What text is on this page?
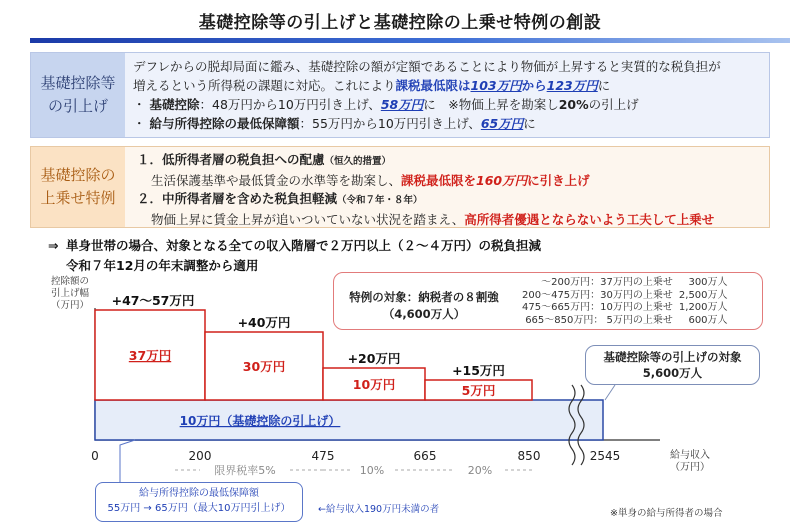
基礎控除等の引上げと基礎控除の上乗せ特例の創設
基礎控除等
の引上げ
デフレからの脱却局面に鑑み、基礎控除の額が定額であることにより物価が上昇すると実質的な税負担が
増えるという所得税の課題に対応。これにより課税最低限は103万円から123万円に
・ 基礎控除：48万円から10万円引き上げ、58万円に　※物価上昇を勘案し20%の引上げ
・ 給与所得控除の最低保障額：55万円から10万円引き上げ、65万円に
基礎控除の
上乗せ特例
１．低所得者層の税負担への配慮（恒久的措置）
生活保護基準や最低賃金の水準等を勘案し、課税最低限を160万円に引き上げ
２．中所得者層を含めた税負担軽減（令和７年・８年）
物価上昇に賃金上昇が追いついていない状況を踏まえ、高所得者優遇とならないよう工夫して上乗せ
⇒ 単身世帯の場合、対象となる全ての収入階層で２万円以上（２～４万円）の税負担減
令和７年12月の年末調整から適用
控除額の
引上げ幅
（万円）
10万円（基礎控除の引上げ）
37万円
+47～57万円
30万円
+40万円
10万円
+20万円
5万円
+15万円
0	200	475	665	850	2545	給与収入
（万円）
限界税率5%	10%	20%
特例の対象：納税者の８割強
（4,600万人）
～200万円：37万円の上乗せ	300万人
200～475万円：30万円の上乗せ	2,500万人
475～665万円：10万円の上乗せ	1,200万人
665～850万円： 5万円の上乗せ	600万人
基礎控除等の引上げの対象
5,600万人
給与所得控除の最低保障額
55万円 → 65万円（最大10万円引上げ）	←給与収入190万円未満の者	※単身の給与所得者の場合
